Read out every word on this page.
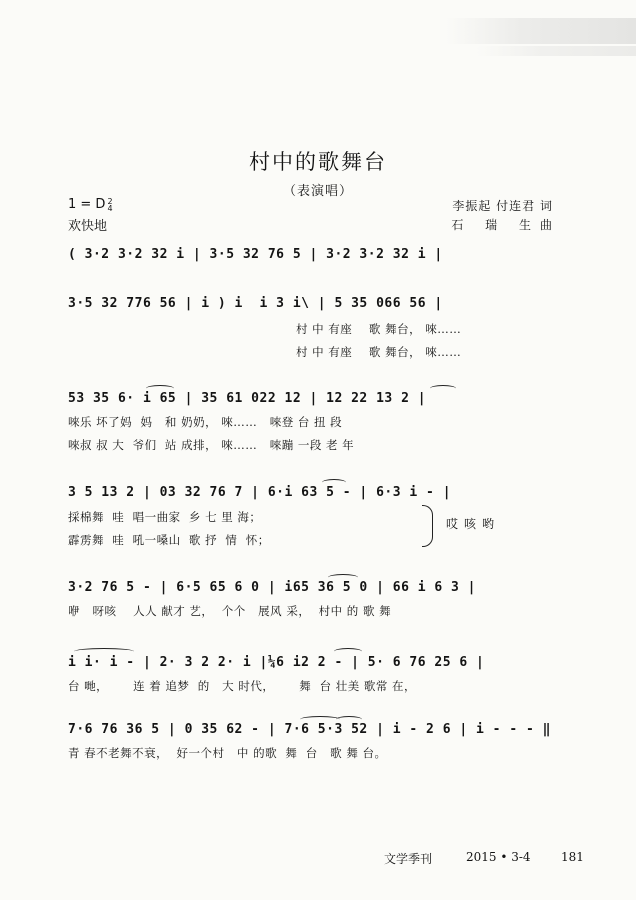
村中的歌舞台
（表演唱）
1 = D 2
4
欢快地
李振起 付连君 词
石 瑞 生曲
( 3·2 3·2 32 i | 3·5 32 76 5 | 3·2 3·2 32 i |
3·5 32 776 56 | i ) i  i 3 i\ | 5 35 066 56 |
村 中 有座    歌 舞台， 唻……
村 中 有座    歌 舞台， 唻……
53 35 6· i 65 | 35 61 022 12 | 12 22 13 2 |
唻乐 坏了妈  妈   和 奶奶， 唻……   唻登 台 扭 段
唻叔 叔 大  爷们  站 成排， 唻……   唻蹦 一段 老 年
3 5 13 2 | 03 32 76 7 | 6·i 63 5 - | 6·3 i - |
採棉舞  哇  唱一曲家  乡 七 里 海；
霹雳舞  哇  吼一嗓山  歌 抒  情  怀；
哎咳哟
3·2 76 5 - | 6·5 65 6 0 | i65 36 5 0 | 66 i 6 3 |
咿   呀咳    人人 献才 艺，  个个   展风 采，  村中 的 歌 舞
i i· i - | 2· 3 2 2· i |¼6 i2 2 - | 5· 6 76 25 6 |
台 哋，      连 着 追梦  的   大 时代，      舞  台 壮美 歌常 在，
7·6 76 36 5 | 0 35 62 - | 7·6 5·3 52 | i - 2 6 | i - - - ‖
青 春不老舞不衰，  好一个村   中 的歌  舞  台   歌 舞 台。
文学季刊	2015 • 3-4	181
